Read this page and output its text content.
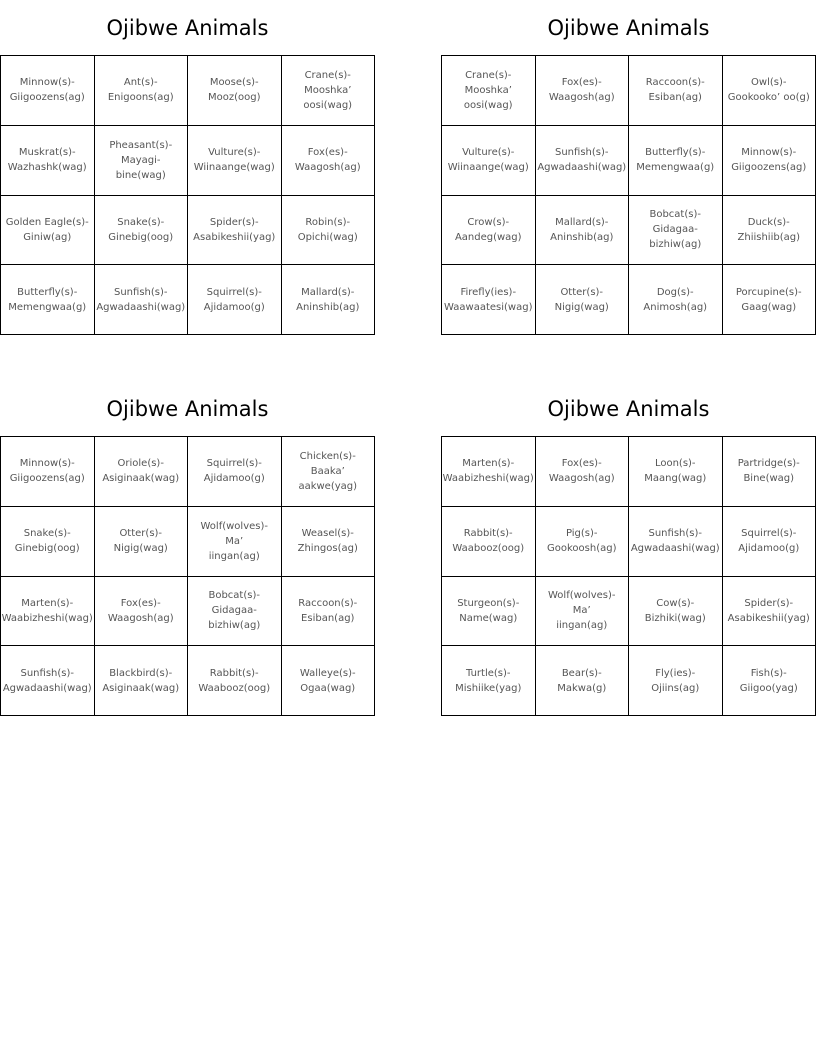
Ojibwe Animals
Minnow(s)-
Giigoozens(ag)
Ant(s)-
Enigoons(ag)
Moose(s)-
Mooz(oog)
Crane(s)-
Mooshka’
oosi(wag)
Muskrat(s)-
Wazhashk(wag)
Pheasant(s)-
Mayagi-bine(wag)
Vulture(s)-
Wiinaange(wag)
Fox(es)-
Waagosh(ag)
Golden Eagle(s)-
Giniw(ag)
Snake(s)-
Ginebig(oog)
Spider(s)-
Asabikeshii(yag)
Robin(s)-
Opichi(wag)
Butterfly(s)-
Memengwaa(g)
Sunfish(s)-
Agwadaashi(wag)
Squirrel(s)-
Ajidamoo(g)
Mallard(s)-
Aninshib(ag)
Ojibwe Animals
Crane(s)-
Mooshka’
oosi(wag)
Fox(es)-
Waagosh(ag)
Raccoon(s)-
Esiban(ag)
Owl(s)-
Gookooko’ oo(g)
Vulture(s)-
Wiinaange(wag)
Sunfish(s)-
Agwadaashi(wag)
Butterfly(s)-
Memengwaa(g)
Minnow(s)-
Giigoozens(ag)
Crow(s)-
Aandeg(wag)
Mallard(s)-
Aninshib(ag)
Bobcat(s)-
Gidagaa-
bizhiw(ag)
Duck(s)-
Zhiishiib(ag)
Firefly(ies)-
Waawaatesi(wag)
Otter(s)-
Nigig(wag)
Dog(s)-
Animosh(ag)
Porcupine(s)-
Gaag(wag)
Ojibwe Animals
Minnow(s)-
Giigoozens(ag)
Oriole(s)-
Asiginaak(wag)
Squirrel(s)-
Ajidamoo(g)
Chicken(s)-
Baaka’
aakwe(yag)
Snake(s)-
Ginebig(oog)
Otter(s)-
Nigig(wag)
Wolf(wolves)- Ma’
iingan(ag)
Weasel(s)-
Zhingos(ag)
Marten(s)-
Waabizheshi(wag)
Fox(es)-
Waagosh(ag)
Bobcat(s)-
Gidagaa-
bizhiw(ag)
Raccoon(s)-
Esiban(ag)
Sunfish(s)-
Agwadaashi(wag)
Blackbird(s)-
Asiginaak(wag)
Rabbit(s)-
Waabooz(oog)
Walleye(s)-
Ogaa(wag)
Ojibwe Animals
Marten(s)-
Waabizheshi(wag)
Fox(es)-
Waagosh(ag)
Loon(s)-
Maang(wag)
Partridge(s)-
Bine(wag)
Rabbit(s)-
Waabooz(oog)
Pig(s)-
Gookoosh(ag)
Sunfish(s)-
Agwadaashi(wag)
Squirrel(s)-
Ajidamoo(g)
Sturgeon(s)-
Name(wag)
Wolf(wolves)- Ma’
iingan(ag)
Cow(s)-
Bizhiki(wag)
Spider(s)-
Asabikeshii(yag)
Turtle(s)-
Mishiike(yag)
Bear(s)- Makwa(g)
Fly(ies)-
Ojiins(ag)
Fish(s)-
Giigoo(yag)
